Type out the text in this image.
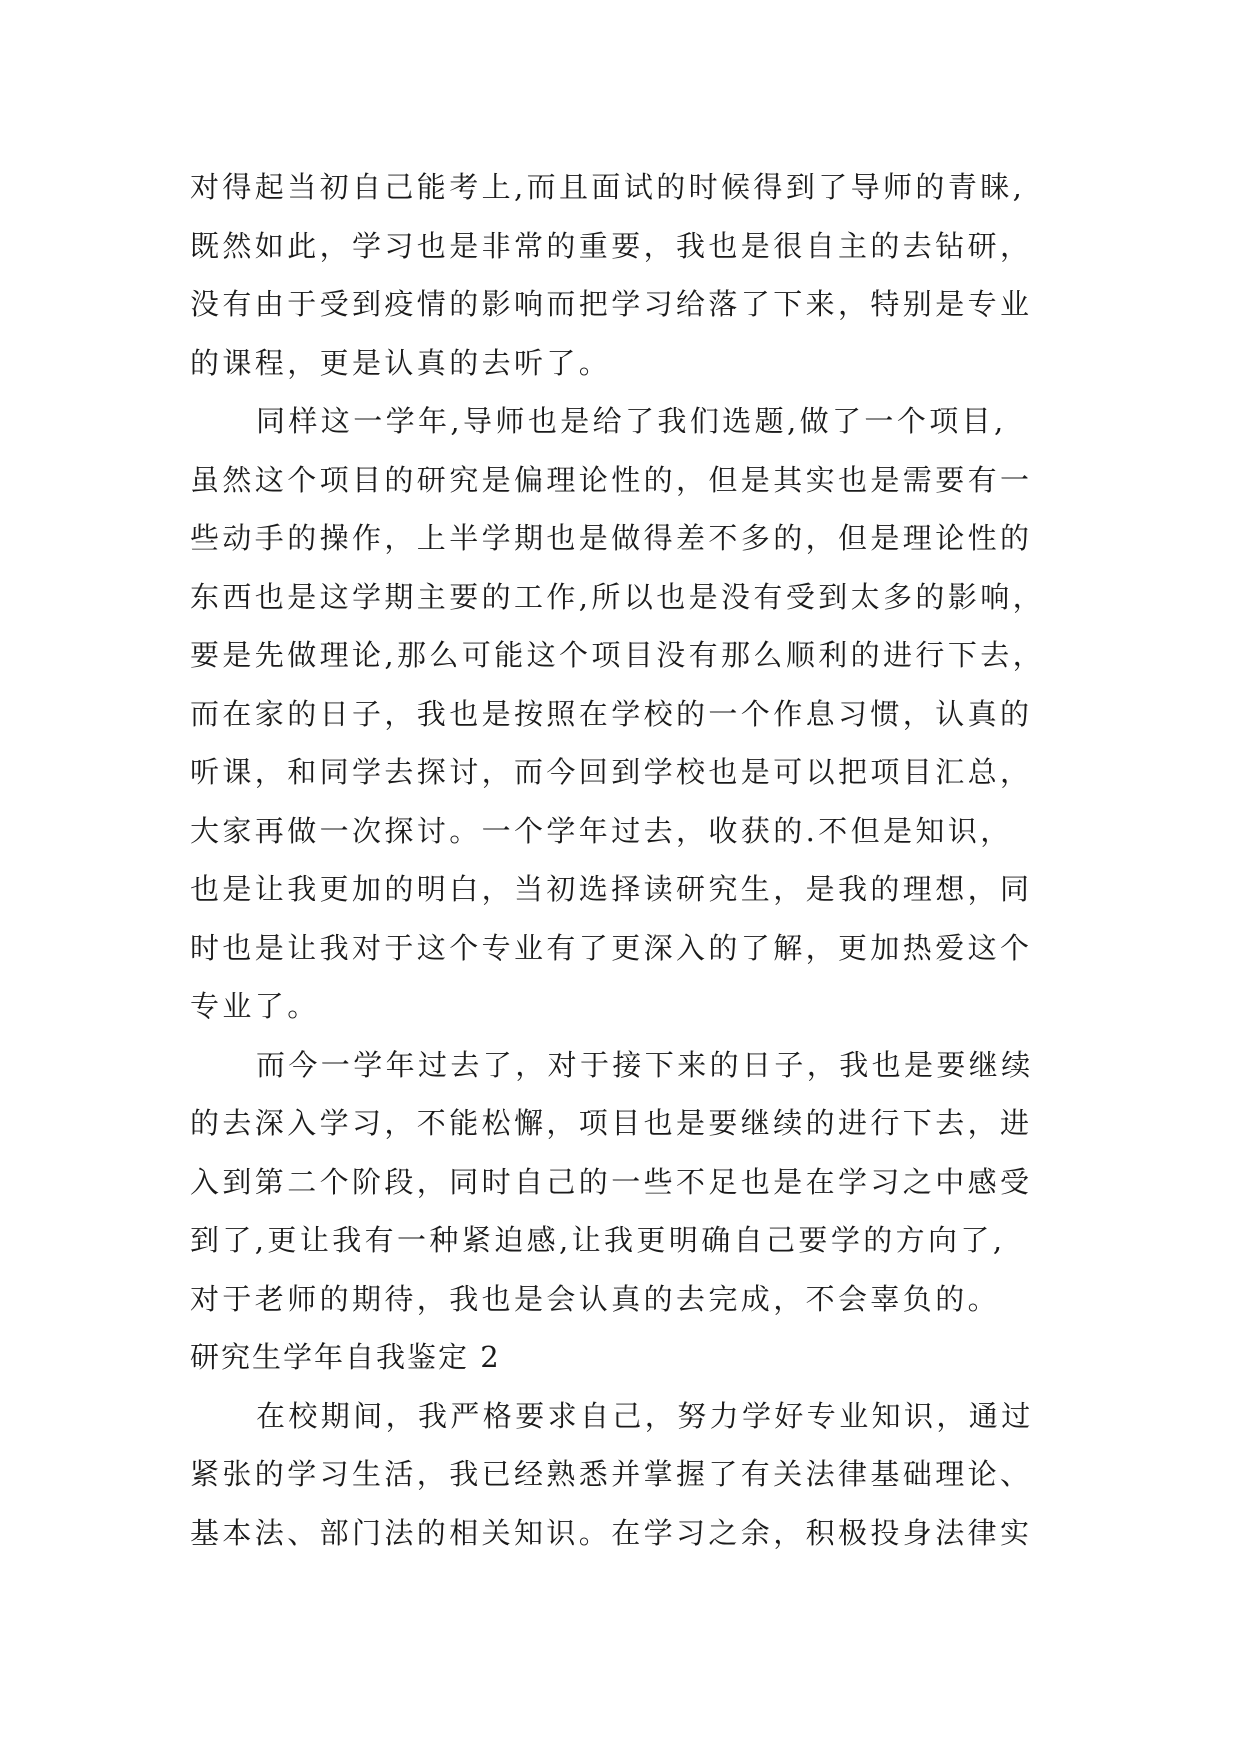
对得起当初自己能考上,而且面试的时候得到了导师的青睐,
既然如此，学习也是非常的重要，我也是很自主的去钻研，
没有由于受到疫情的影响而把学习给落了下来，特别是专业
的课程，更是认真的去听了。
同样这一学年,导师也是给了我们选题,做了一个项目,
虽然这个项目的研究是偏理论性的，但是其实也是需要有一
些动手的操作，上半学期也是做得差不多的，但是理论性的
东西也是这学期主要的工作,所以也是没有受到太多的影响，
要是先做理论,那么可能这个项目没有那么顺利的进行下去，
而在家的日子，我也是按照在学校的一个作息习惯，认真的
听课，和同学去探讨，而今回到学校也是可以把项目汇总，
大家再做一次探讨。一个学年过去，收获的.不但是知识，
也是让我更加的明白，当初选择读研究生，是我的理想，同
时也是让我对于这个专业有了更深入的了解，更加热爱这个
专业了。
而今一学年过去了，对于接下来的日子，我也是要继续
的去深入学习，不能松懈，项目也是要继续的进行下去，进
入到第二个阶段，同时自己的一些不足也是在学习之中感受
到了,更让我有一种紧迫感,让我更明确自己要学的方向了,
对于老师的期待，我也是会认真的去完成，不会辜负的。
研究生学年自我鉴定 2
在校期间，我严格要求自己，努力学好专业知识，通过
紧张的学习生活，我已经熟悉并掌握了有关法律基础理论、
基本法、部门法的相关知识。在学习之余，积极投身法律实
